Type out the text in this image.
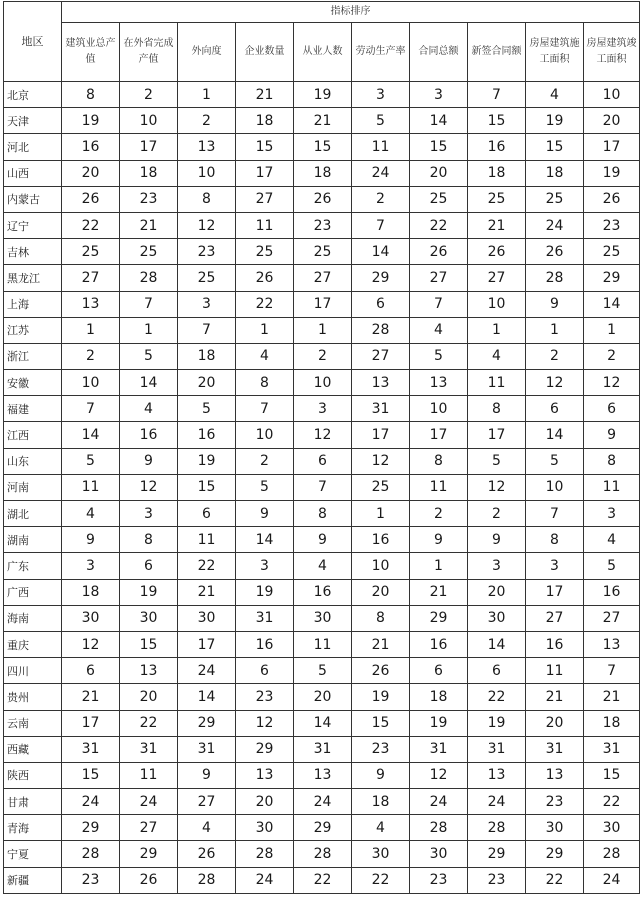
地区	指标排序									
	建筑业总产值	在外省完成产值	外向度	企业数量	从业人数	劳动生产率	合同总额	新签合同额	房屋建筑施工面积	房屋建筑竣工面积
北京	8	2	1	21	19	3	3	7	4	10
天津	19	10	2	18	21	5	14	15	19	20
河北	16	17	13	15	15	11	15	16	15	17
山西	20	18	10	17	18	24	20	18	18	19
内蒙古	26	23	8	27	26	2	25	25	25	26
辽宁	22	21	12	11	23	7	22	21	24	23
吉林	25	25	23	25	25	14	26	26	26	25
黑龙江	27	28	25	26	27	29	27	27	28	29
上海	13	7	3	22	17	6	7	10	9	14
江苏	1	1	7	1	1	28	4	1	1	1
浙江	2	5	18	4	2	27	5	4	2	2
安徽	10	14	20	8	10	13	13	11	12	12
福建	7	4	5	7	3	31	10	8	6	6
江西	14	16	16	10	12	17	17	17	14	9
山东	5	9	19	2	6	12	8	5	5	8
河南	11	12	15	5	7	25	11	12	10	11
湖北	4	3	6	9	8	1	2	2	7	3
湖南	9	8	11	14	9	16	9	9	8	4
广东	3	6	22	3	4	10	1	3	3	5
广西	18	19	21	19	16	20	21	20	17	16
海南	30	30	30	31	30	8	29	30	27	27
重庆	12	15	17	16	11	21	16	14	16	13
四川	6	13	24	6	5	26	6	6	11	7
贵州	21	20	14	23	20	19	18	22	21	21
云南	17	22	29	12	14	15	19	19	20	18
西藏	31	31	31	29	31	23	31	31	31	31
陕西	15	11	9	13	13	9	12	13	13	15
甘肃	24	24	27	20	24	18	24	24	23	22
青海	29	27	4	30	29	4	28	28	30	30
宁夏	28	29	26	28	28	30	30	29	29	28
新疆	23	26	28	24	22	22	23	23	22	24
